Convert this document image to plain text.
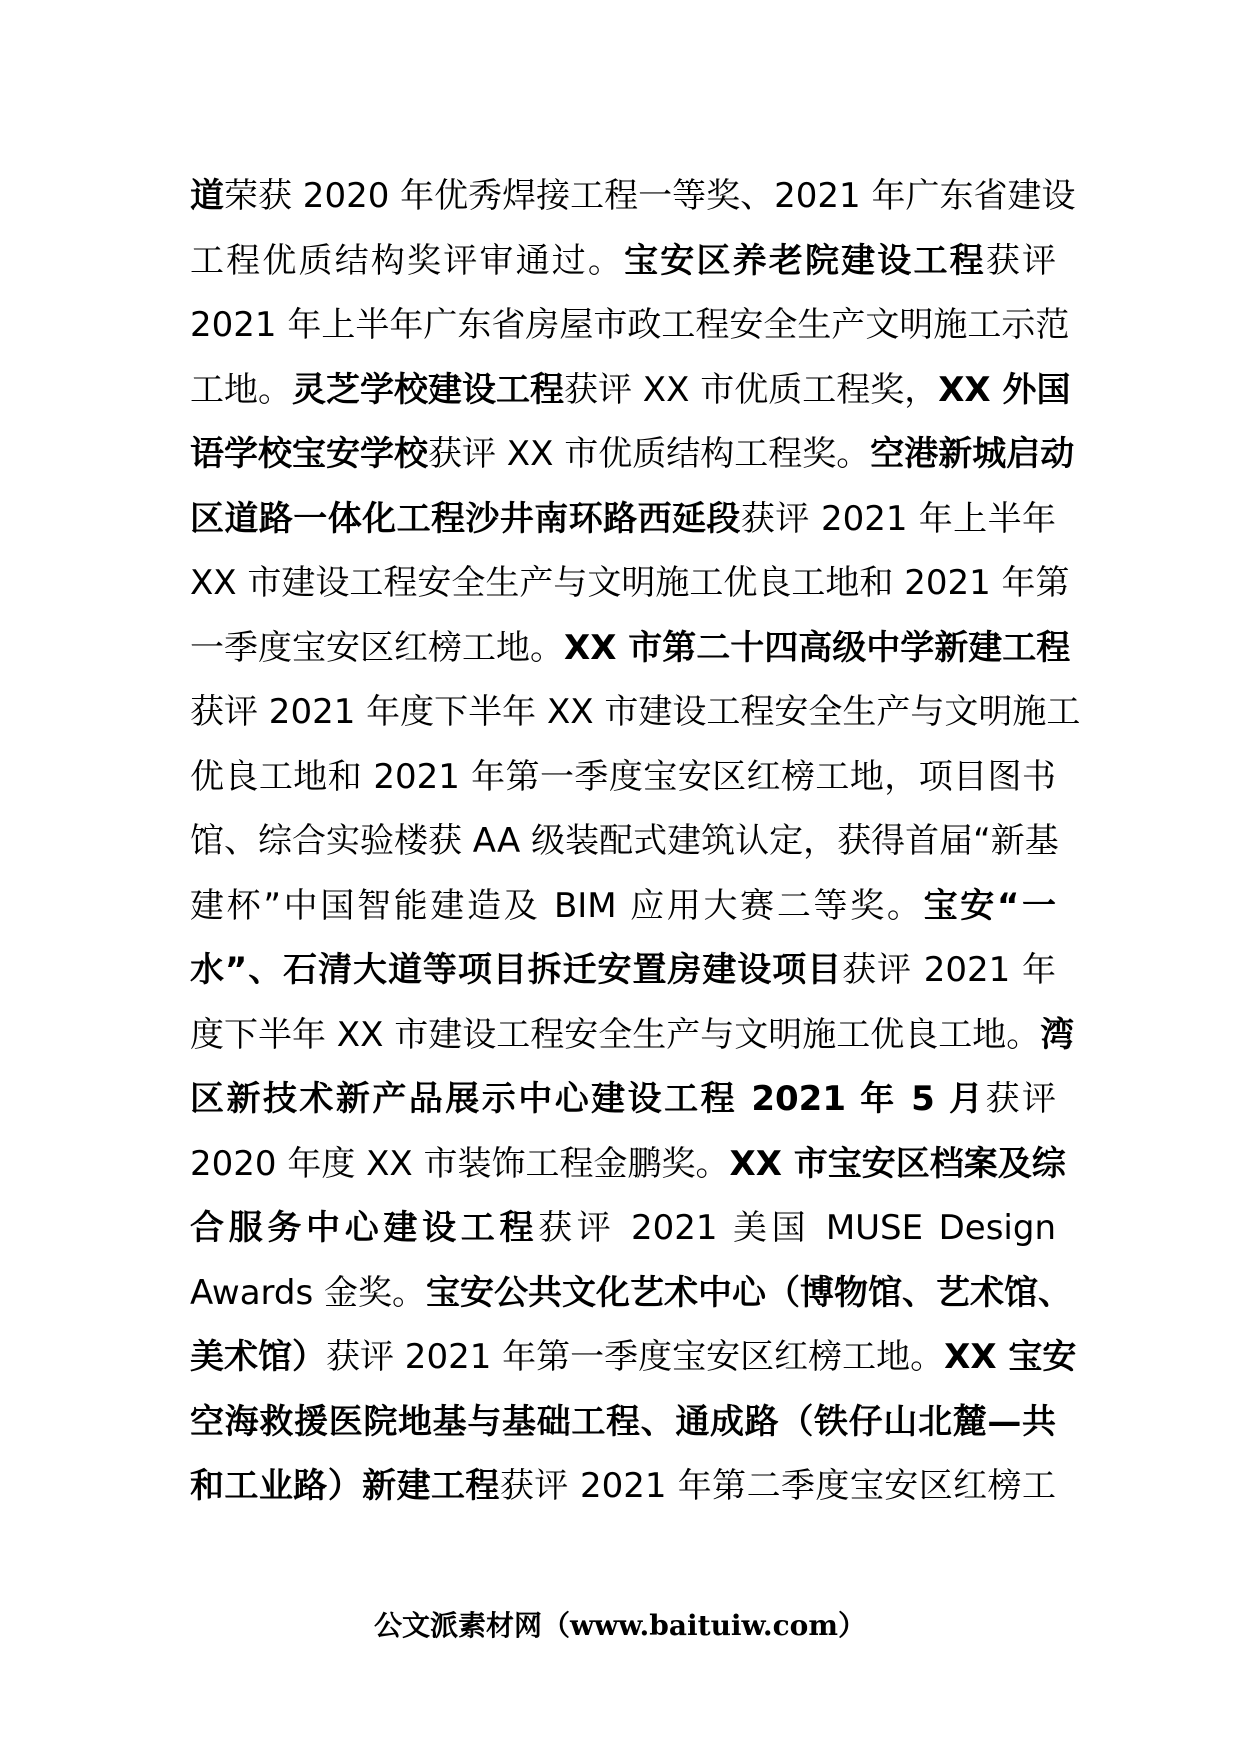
道荣获 2020 年优秀焊接工程一等奖、2021 年广东省建设
工程优质结构奖评审通过。宝安区养老院建设工程获评
2021 年上半年广东省房屋市政工程安全生产文明施工示范
工地。灵芝学校建设工程获评 XX 市优质工程奖，XX 外国
语学校宝安学校获评 XX 市优质结构工程奖。空港新城启动
区道路一体化工程沙井南环路西延段获评 2021 年上半年
XX 市建设工程安全生产与文明施工优良工地和 2021 年第
一季度宝安区红榜工地。XX 市第二十四高级中学新建工程
获评 2021 年度下半年 XX 市建设工程安全生产与文明施工
优良工地和 2021 年第一季度宝安区红榜工地，项目图书
馆、综合实验楼获 AA 级装配式建筑认定，获得首届“新基
建杯”中国智能建造及 BIM 应用大赛二等奖。宝安“一
水”、石清大道等项目拆迁安置房建设项目获评 2021 年
度下半年 XX 市建设工程安全生产与文明施工优良工地。湾
区新技术新产品展示中心建设工程 2021 年 5 月获评
2020 年度 XX 市装饰工程金鹏奖。XX 市宝安区档案及综
合服务中心建设工程获评 2021 美国 MUSE Design
Awards 金奖。宝安公共文化艺术中心（博物馆、艺术馆、
美术馆）获评 2021 年第一季度宝安区红榜工地。XX 宝安
空海救援医院地基与基础工程、通成路（铁仔山北麓—共
和工业路）新建工程获评 2021 年第二季度宝安区红榜工
公文派素材网（www.baituiw.com）
